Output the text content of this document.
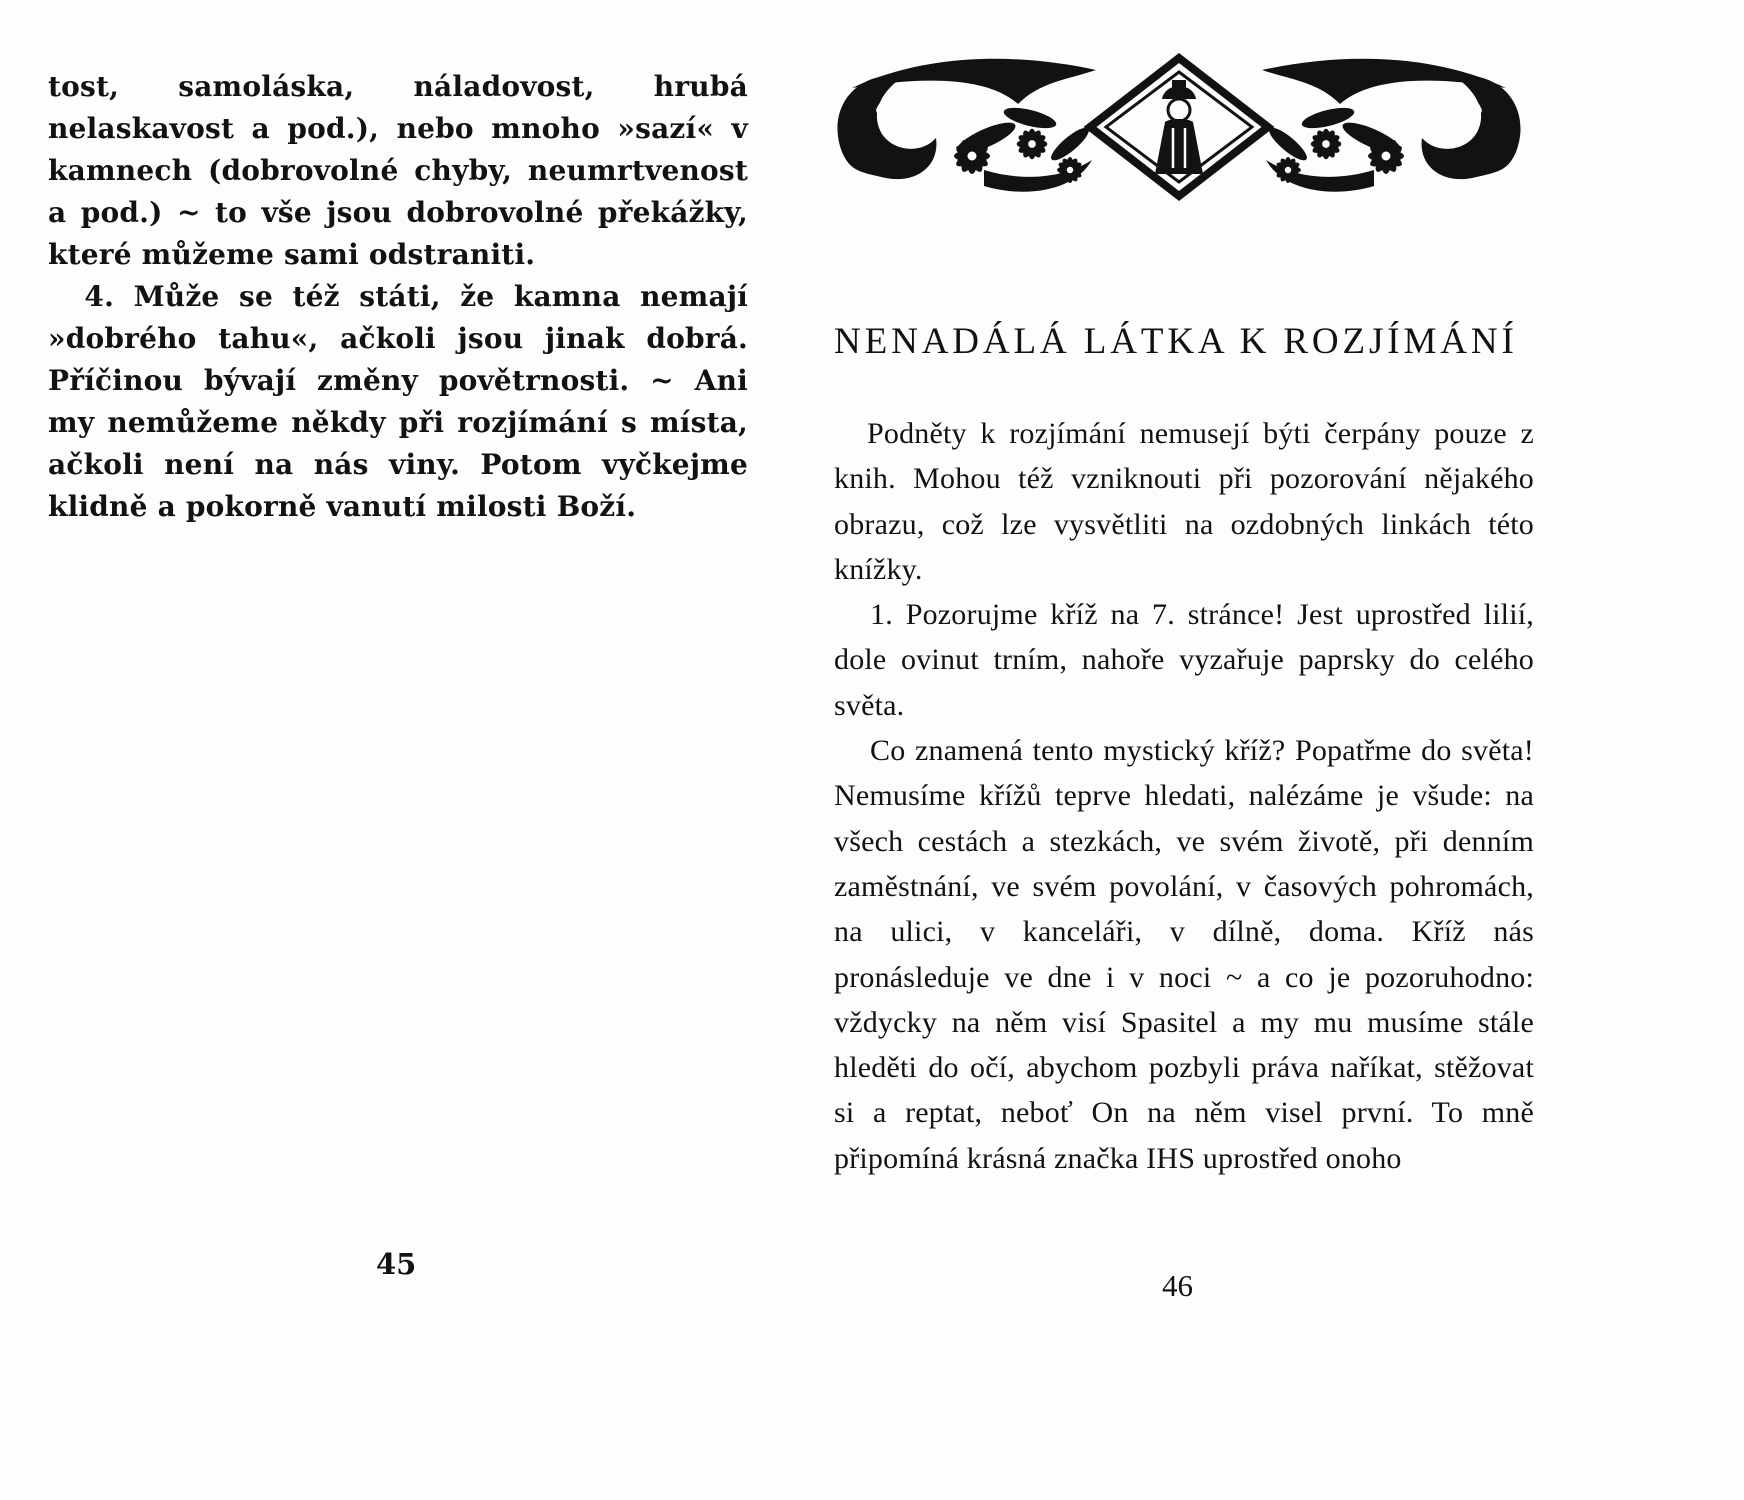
tost, samoláska, náladovost, hrubá nelaskavost a pod.), nebo mnoho »sazí« v kamnech (dobrovolné chyby, neumrtvenost a pod.) ~ to vše jsou dobrovolné překážky, které můžeme sami odstraniti.

4. Může se též státi, že kamna nemají »dobrého tahu«, ačkoli jsou jinak dobrá. Příčinou bývají změny povětrnosti. ~ Ani my nemůžeme někdy při rozjímání s místa, ačkoli není na nás viny. Potom vyčkejme klidně a pokorně vanutí milosti Boží.

45
NENADÁLÁ LÁTKA K ROZJÍMÁNÍ

Podněty k rozjímání nemusejí býti čerpány pouze z knih. Mohou též vzniknouti při pozorování nějakého obrazu, což lze vysvětliti na ozdobných linkách této knížky.

1. Pozorujme kříž na 7. stránce! Jest uprostřed lilií, dole ovinut trním, nahoře vyzařuje paprsky do celého světa.

Co znamená tento mystický kříž? Popatřme do světa! Nemusíme křížů teprve hledati, nalézáme je všude: na všech cestách a stezkách, ve svém životě, při denním zaměstnání, ve svém povolání, v časových pohromách, na ulici, v kanceláři, v dílně, doma. Kříž nás pronásleduje ve dne i v noci ~ a co je pozoruhodno: vždycky na něm visí Spasitel a my mu musíme stále hleděti do očí, abychom pozbyli práva naříkat, stěžovat si a reptat, neboť On na něm visel první. To mně připomíná krásná značka IHS uprostřed onoho

46
